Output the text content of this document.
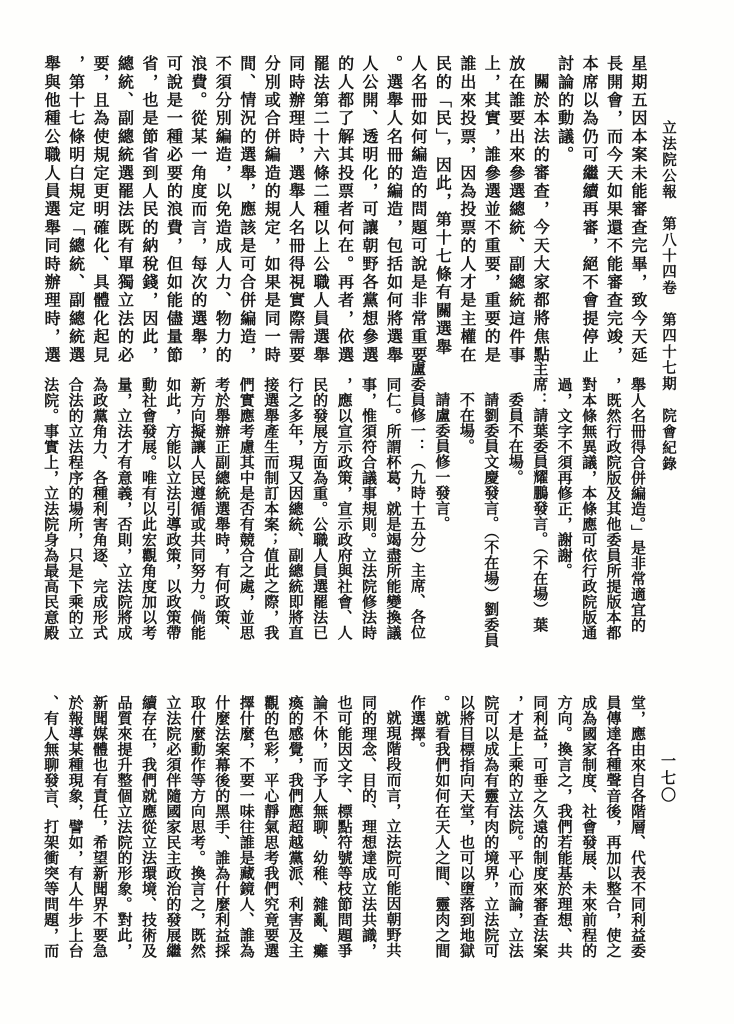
立法院公報　第八十四卷　第四十七期　院會紀錄
一七〇

星期五因本案未能審查完畢，致今天延

長開會，而今天如果還不能審查完竣，

本席以為仍可繼續再審，絕不會提停止

討論的動議。

關於本法的審查，今天大家都將焦點

放在誰要出來參選總統、副總統這件事

上，其實，誰參選並不重要，重要的是

誰出來投票，因為投票的人才是主權在

民的「民」，因此，第十七條有關選舉

人名冊如何編造的問題可說是非常重要

。選舉人名冊的編造，包括如何將選舉

人公開、透明化，可讓朝野各黨想參選

的人都了解其投票者何在。再者，依選

罷法第二十六條二種以上公職人員選舉

同時辦理時，選舉人名冊得視實際需要

分別或合併編造的規定，如果是同一時

間、情況的選舉，應該是可合併編造，

不須分別編造，以免造成人力、物力的

浪費。從某一角度而言，每次的選舉，

可說是一種必要的浪費，但如能儘量節

省，也是節省到人民的納稅錢，因此，

總統、副總統選罷法既有單獨立法的必

要，且為使規定更明確化、具體化起見

，第十七條明白規定「總統、副總統選

舉與他種公職人員選舉同時辦理時，選

舉人名冊得合併編造。」是非常適宜的

，既然行政院版及其他委員所提版本都

對本條無異議，本條應可依行政院版通

過，文字不須再修正，謝謝。

主席：請葉委員耀鵬發言。（不在場）葉

委員不在場。

請劉委員文慶發言。（不在場）劉委員

不在場。

請盧委員修一發言。

盧委員修一：（九時十五分）主席、各位

同仁。所謂杯葛，就是竭盡所能變換議

事，惟須符合議事規則。立法院修法時

，應以宣示政策，宣示政府與社會、人

民的發展方面為重。公職人員選罷法已

行之多年，現又因總統、副總統即將直

接選舉產生而制訂本案；值此之際，我

們實應考慮其中是否有競合之處，並思

考於舉辦正副總統選舉時，有何政策、

新方向擬讓人民遵循或共同努力。倘能

如此，方能以立法引導政策，以政策帶

動社會發展。唯有以此宏觀角度加以考

量，立法才有意義，否則，立法院將成

為政黨角力、各種利害角逐、完成形式

合法的立法程序的場所，只是下乘的立

法院。事實上，立法院身為最高民意殿

堂，應由來自各階層、代表不同利益委

員傳達各種聲音後，再加以整合，使之

成為國家制度、社會發展、未來前程的

方向。換言之，我們若能基於理想、共

同利益，可垂之久遠的制度來審查法案

，才是上乘的立法院。平心而論，立法

院可以成為有靈有肉的境界，立法院可

以將目標指向天堂，也可以墮落到地獄

。就看我們如何在天人之間、靈肉之間

作選擇。

就現階段而言，立法院可能因朝野共

同的理念、目的、理想達成立法共識，

也可能因文字、標點符號等枝節問題爭

論不休，而予人無聊、幼稚、雜亂、癱

瘓的感覺，我們應超越黨派、利害及主

觀的色彩，平心靜氣思考我們究竟要選

擇什麼，不要一味往誰是藏鏡人、誰為

什麼法案幕後的黑手、誰為什麼利益採

取什麼動作等方向思考。換言之，既然

立法院必須伴隨國家民主政治的發展繼

續存在，我們就應從立法環境、技術及

品質來提升整個立法院的形象。對此，

新聞媒體也有責任，希望新聞界不要急

於報導某種現象，譬如，有人牛步上台

、有人無聊發言、打架衝突等問題，而
